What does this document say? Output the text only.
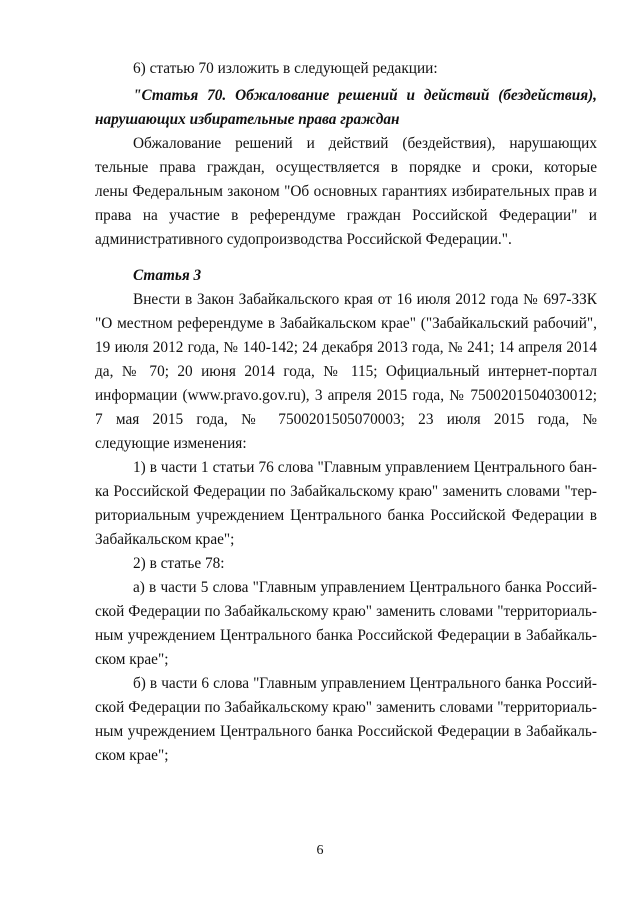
6) статью 70 изложить в следующей редакции:
"Статья 70. Обжалование решений и действий (бездействия),
нарушающих избирательные права граждан
Обжалование решений и действий (бездействия), нарушающих
тельные права граждан, осуществляется в порядке и сроки, которые
лены Федеральным законом "Об основных гарантиях избирательных прав и
права на участие в референдуме граждан Российской Федерации" и
административного судопроизводства Российской Федерации.".
Статья 3
Внести в Закон Забайкальского края от 16 июля 2012 года № 697-ЗЗК
"О местном референдуме в Забайкальском крае" ("Забайкальский рабочий",
19 июля 2012 года, № 140-142; 24 декабря 2013 года, № 241; 14 апреля 2014
да, № 70; 20 июня 2014 года, № 115; Официальный интернет-портал
информации (www.pravo.gov.ru), 3 апреля 2015 года, № 7500201504030012;
7 мая 2015 года, № 7500201505070003; 23 июля 2015 года, №
следующие изменения:
1) в части 1 статьи 76 слова "Главным управлением Центрального бан-
ка Российской Федерации по Забайкальскому краю" заменить словами "тер-
риториальным учреждением Центрального банка Российской Федерации в
Забайкальском крае";
2) в статье 78:
а) в части 5 слова "Главным управлением Центрального банка Россий-
ской Федерации по Забайкальскому краю" заменить словами "территориаль-
ным учреждением Центрального банка Российской Федерации в Забайкаль-
ском крае";
б) в части 6 слова "Главным управлением Центрального банка Россий-
ской Федерации по Забайкальскому краю" заменить словами "территориаль-
ным учреждением Центрального банка Российской Федерации в Забайкаль-
ском крае";
6
